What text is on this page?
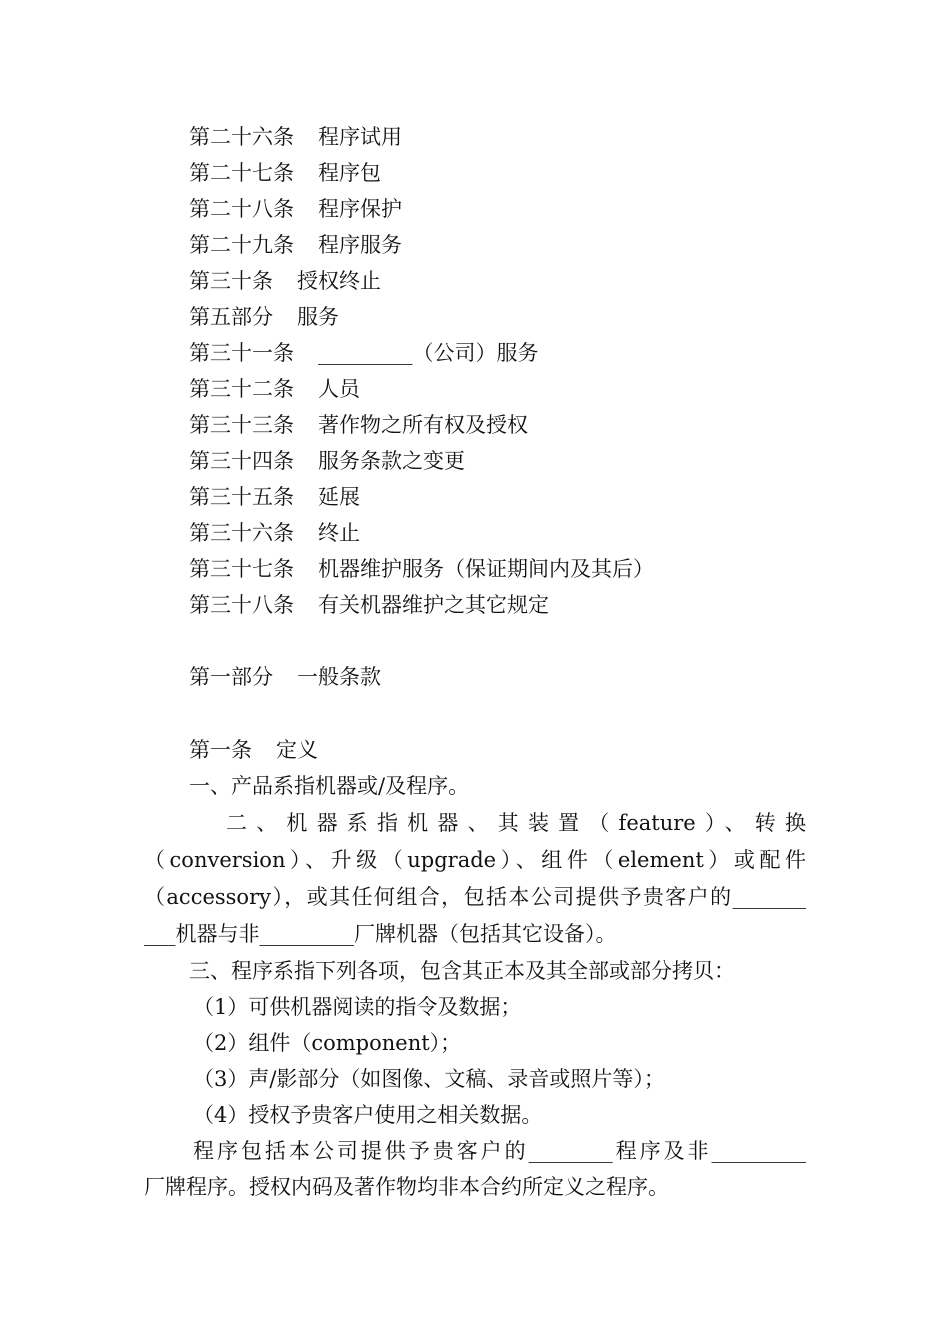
第二十六条 程序试用
第二十七条 程序包
第二十八条 程序保护
第二十九条 程序服务
第三十条 授权终止
第五部分 服务
第三十一条 _________（公司）服务
第三十二条 人员
第三十三条 著作物之所有权及授权
第三十四条 服务条款之变更
第三十五条 延展
第三十六条 终止
第三十七条 机器维护服务（保证期间内及其后）
第三十八条 有关机器维护之其它规定
第一部分 一般条款
第一条 定义
一、产品系指机器或/及程序。
二、机器系指机器、其装置（feature）、转换
（conversion）、升级（upgrade）、组件（element）或配件
（accessory），或其任何组合，包括本公司提供予贵客户的_______
___机器与非_________厂牌机器（包括其它设备）。
三、程序系指下列各项，包含其正本及其全部或部分拷贝：
（1）可供机器阅读的指令及数据；
（2）组件（component）；
（3）声/影部分（如图像、文稿、录音或照片等）；
（4）授权予贵客户使用之相关数据。
程序包括本公司提供予贵客户的________程序及非_________
厂牌程序。授权内码及著作物均非本合约所定义之程序。
